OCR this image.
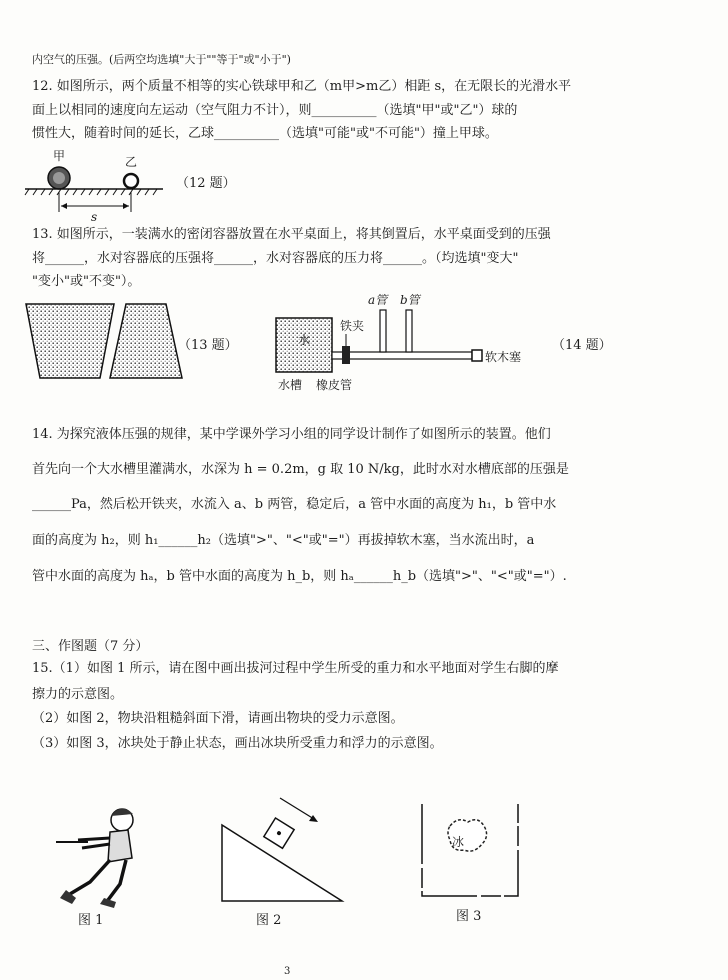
内空气的压强。(后两空均选填"大于""等于"或"小于")
12. 如图所示，两个质量不相等的实心铁球甲和乙（m甲>m乙）相距 s，在无限长的光滑水平
面上以相同的速度向左运动（空气阻力不计），则__________（选填"甲"或"乙"）球的
惯性大，随着时间的延长，乙球__________（选填"可能"或"不可能"）撞上甲球。
甲	乙
s
（12 题）
13. 如图所示，一装满水的密闭容器放置在水平桌面上，将其倒置后，水平桌面受到的压强
将______，水对容器底的压强将______，水对容器底的压力将______。（均选填"变大"
"变小"或"不变"）。
（13 题）
a管 b管
水
铁夹
软木塞
水槽 橡皮管
（14 题）
14. 为探究液体压强的规律，某中学课外学习小组的同学设计制作了如图所示的装置。他们
首先向一个大水槽里灌满水，水深为 h = 0.2m，g 取 10 N/kg，此时水对水槽底部的压强是
______Pa，然后松开铁夹，水流入 a、b 两管，稳定后，a 管中水面的高度为 h₁，b 管中水
面的高度为 h₂，则 h₁______h₂（选填">"、"<"或"="）再拔掉软木塞，当水流出时，a
管中水面的高度为 hₐ，b 管中水面的高度为 h_b，则 hₐ______h_b（选填">"、"<"或"="）.
三、作图题（7 分）
15.（1）如图 1 所示，请在图中画出拔河过程中学生所受的重力和水平地面对学生右脚的摩
擦力的示意图。
（2）如图 2，物块沿粗糙斜面下滑，请画出物块的受力示意图。
（3）如图 3，冰块处于静止状态，画出冰块所受重力和浮力的示意图。
图 1	图 2
冰
图 3
3
